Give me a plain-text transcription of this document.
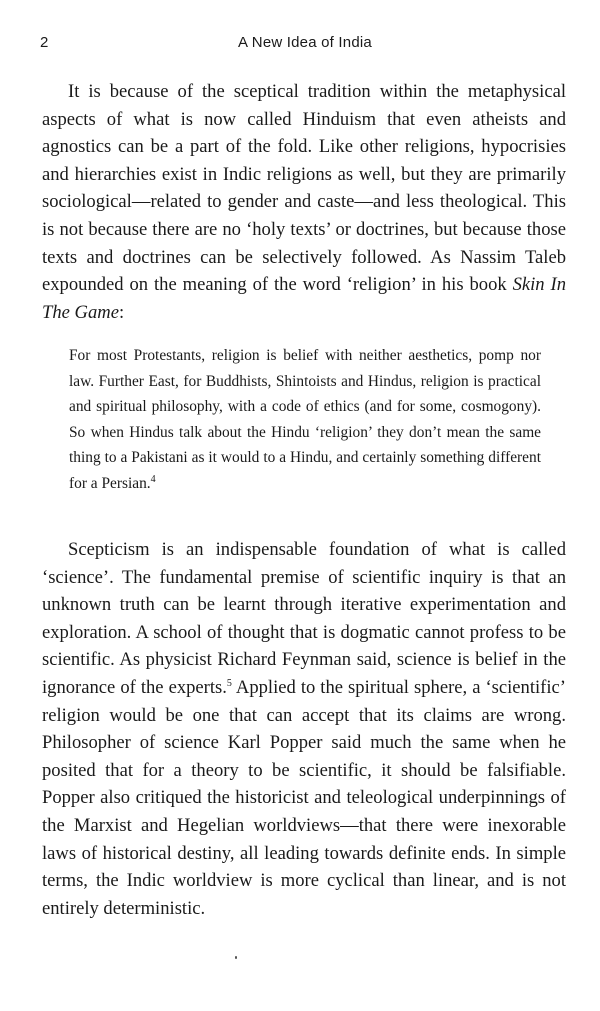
2	A New Idea of India

It is because of the sceptical tradition within the metaphysical aspects of what is now called Hinduism that even atheists and agnostics can be a part of the fold. Like other religions, hypocrisies and hierarchies exist in Indic religions as well, but they are primarily sociological—related to gender and caste—and less theological. This is not because there are no ‘holy texts’ or doctrines, but because those texts and doctrines can be selectively followed. As Nassim Taleb expounded on the meaning of the word ‘religion’ in his book Skin In The Game:

For most Protestants, religion is belief with neither aesthetics, pomp nor law. Further East, for Buddhists, Shintoists and Hindus, religion is practical and spiritual philosophy, with a code of ethics (and for some, cosmogony). So when Hindus talk about the Hindu ‘religion’ they don’t mean the same thing to a Pakistani as it would to a Hindu, and certainly something different for a Persian.$^4$

Scepticism is an indispensable foundation of what is called ‘science’. The fundamental premise of scientific inquiry is that an unknown truth can be learnt through iterative experimentation and exploration. A school of thought that is dogmatic cannot profess to be scientific. As physicist Richard Feynman said, science is belief in the ignorance of the experts.$^5$ Applied to the spiritual sphere, a ‘scientific’ religion would be one that can accept that its claims are wrong. Philosopher of science Karl Popper said much the same when he posited that for a theory to be scientific, it should be falsifiable. Popper also critiqued the historicist and teleological underpinnings of the Marxist and Hegelian worldviews—that there were inexorable laws of historical destiny, all leading towards definite ends. In simple terms, the Indic worldview is more cyclical than linear, and is not entirely deterministic.
